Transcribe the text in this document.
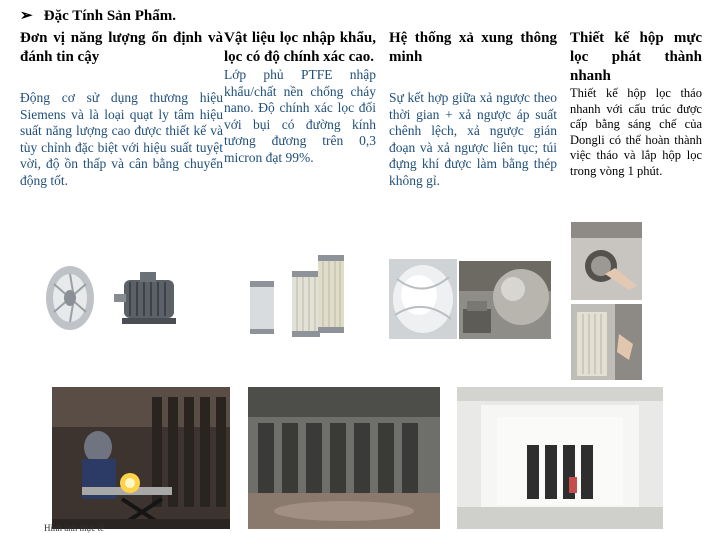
➢ Đặc Tính Sản Phẩm.
Đơn vị năng lượng ổn định và đánh tin cậy
Động cơ sử dụng thương hiệu Siemens và là loại quạt ly tâm hiệu suất năng lượng cao được thiết kế và tùy chỉnh đặc biệt với hiệu suất tuyệt vời, độ ồn thấp và cân bằng chuyển động tốt.
Vật liệu lọc nhập khẩu, lọc có độ chính xác cao.
Lớp phủ PTFE nhập khẩu/chất nền chống cháy nano. Độ chính xác lọc đối với bụi có đường kính tương đương trên 0,3 micron đạt 99%.
Hệ thống xả xung thông minh
Sự kết hợp giữa xả ngược theo thời gian + xả ngược áp suất chênh lệch, xả ngược gián đoạn và xả ngược liên tục; túi đựng khí được làm bằng thép không gỉ.
Thiết kế hộp mực lọc phát thành nhanh
Thiết kế hộp lọc tháo nhanh với cấu trúc được cấp bằng sáng chế của Dongli có thể hoàn thành việc tháo và lắp hộp lọc trong vòng 1 phút.
Hình ảnh thực tế
